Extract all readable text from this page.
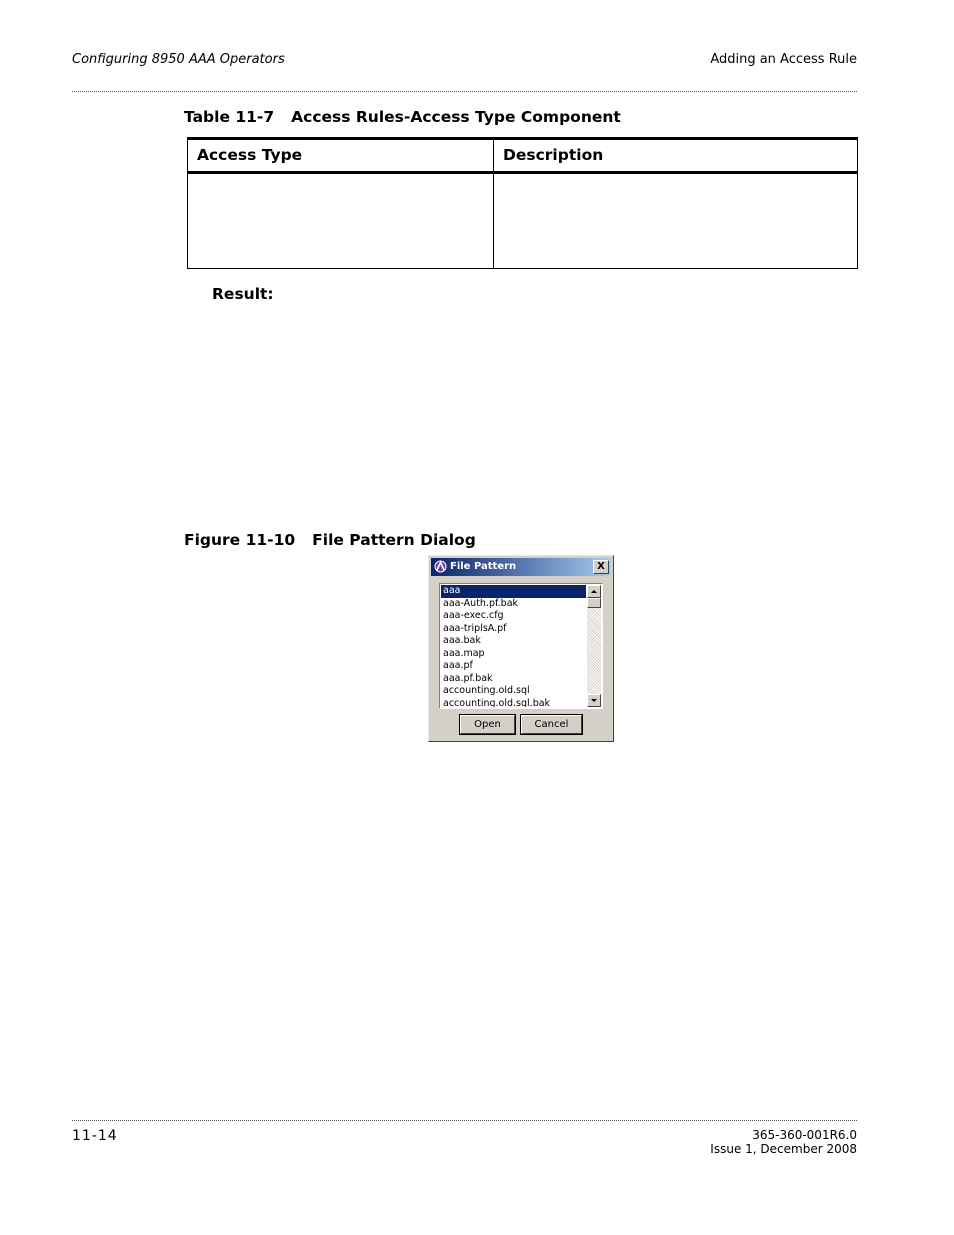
Configuring 8950 AAA Operators	Adding an Access Rule
Table 11-7 Access Rules-Access Type Component
Access Type	Description
Result:
Figure 11-10 File Pattern Dialog
File Pattern	X
aaa
aaa-Auth.pf.bak
aaa-exec.cfg
aaa-triplsA.pf
aaa.bak
aaa.map
aaa.pf
aaa.pf.bak
accounting.old.sql
accounting.old.sql.bak
Open	Cancel
11-14	365-360-001R6.0
Issue 1, December 2008
